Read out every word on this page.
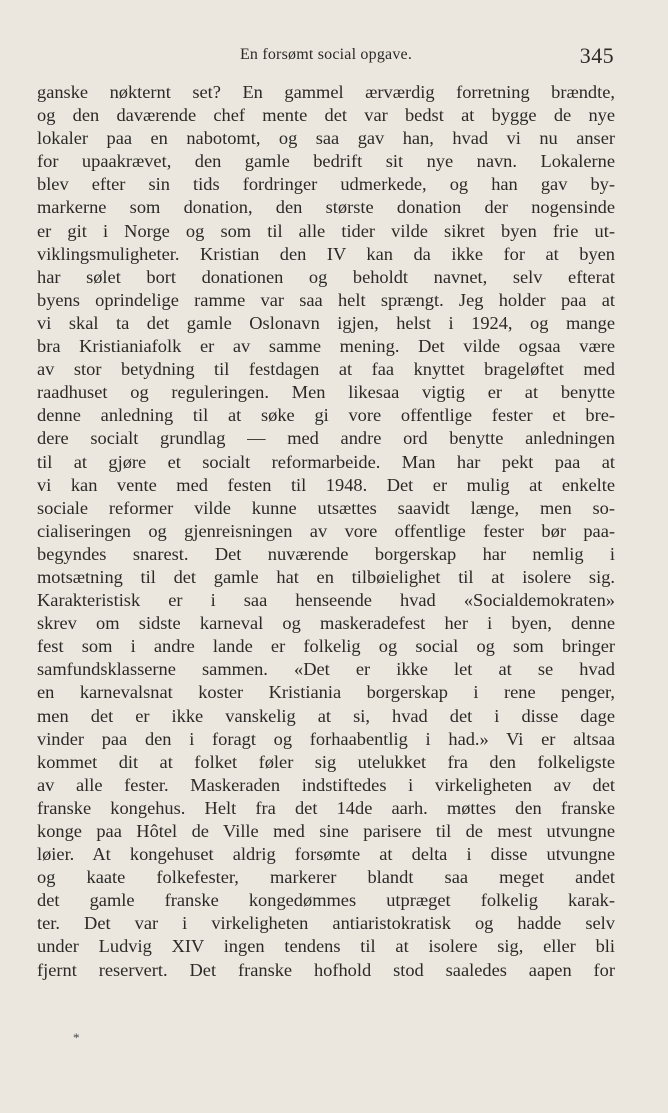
En forsømt social opgave.	345
ganske nøkternt set? En gammel ærværdig forretning brændte,
og den daværende chef mente det var bedst at bygge de nye
lokaler paa en nabotomt, og saa gav han, hvad vi nu anser
for upaakrævet, den gamle bedrift sit nye navn. Lokalerne
blev efter sin tids fordringer udmerkede, og han gav by-
markerne som donation, den største donation der nogensinde
er git i Norge og som til alle tider vilde sikret byen frie ut-
viklingsmuligheter. Kristian den IV kan da ikke for at byen
har sølet bort donationen og beholdt navnet, selv efterat
byens oprindelige ramme var saa helt sprængt. Jeg holder paa at
vi skal ta det gamle Oslonavn igjen, helst i 1924, og mange
bra Kristianiafolk er av samme mening. Det vilde ogsaa være
av stor betydning til festdagen at faa knyttet brageløftet med
raadhuset og reguleringen. Men likesaa vigtig er at benytte
denne anledning til at søke gi vore offentlige fester et bre-
dere socialt grundlag — med andre ord benytte anledningen
til at gjøre et socialt reformarbeide. Man har pekt paa at
vi kan vente med festen til 1948. Det er mulig at enkelte
sociale reformer vilde kunne utsættes saavidt længe, men so-
cialiseringen og gjenreisningen av vore offentlige fester bør paa-
begyndes snarest. Det nuværende borgerskap har nemlig i
motsætning til det gamle hat en tilbøielighet til at isolere sig.
Karakteristisk er i saa henseende hvad «Socialdemokraten»
skrev om sidste karneval og maskeradefest her i byen, denne
fest som i andre lande er folkelig og social og som bringer
samfundsklasserne sammen. «Det er ikke let at se hvad
en karnevalsnat koster Kristiania borgerskap i rene penger,
men det er ikke vanskelig at si, hvad det i disse dage
vinder paa den i foragt og forhaabentlig i had.» Vi er altsaa
kommet dit at folket føler sig utelukket fra den folkeligste
av alle fester. Maskeraden indstiftedes i virkeligheten av det
franske kongehus. Helt fra det 14de aarh. møttes den franske
konge paa Hôtel de Ville med sine parisere til de mest utvungne
løier. At kongehuset aldrig forsømte at delta i disse utvungne
og kaate folkefester, markerer blandt saa meget andet
det gamle franske kongedømmes utpræget folkelig karak-
ter. Det var i virkeligheten antiaristokratisk og hadde selv
under Ludvig XIV ingen tendens til at isolere sig, eller bli
fjernt reservert. Det franske hofhold stod saaledes aapen for
*
